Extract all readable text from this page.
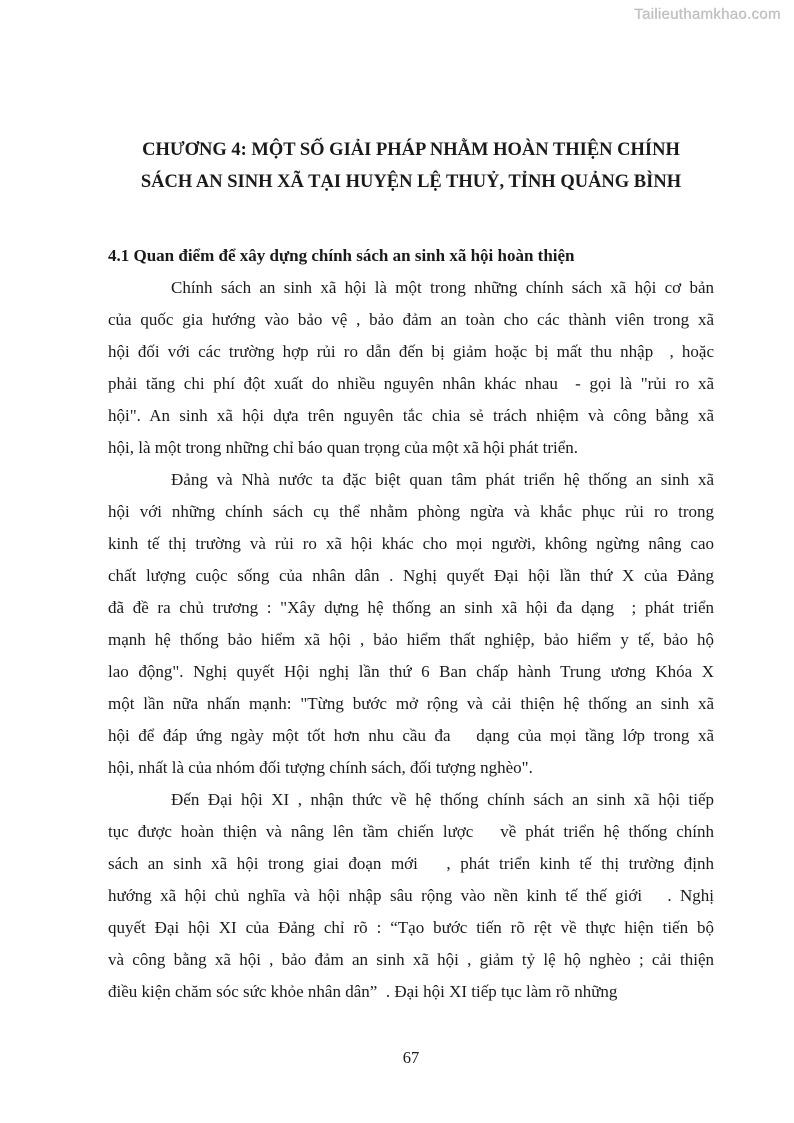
Tailieuthamkhao.com
CHƯƠNG 4: MỘT SỐ GIẢI PHÁP NHẰM HOÀN THIỆN CHÍNH
SÁCH AN SINH XÃ TẠI HUYỆN LỆ THUỶ, TỈNH QUẢNG BÌNH
4.1 Quan điểm để xây dựng chính sách an sinh xã hội hoàn thiện
Chính sách an sinh xã hội là một trong những chính sách xã hội cơ bản
của quốc gia hướng vào bảo vệ , bảo đảm an toàn cho các thành viên trong xã
hội đối với các trường hợp rủi ro dẫn đến bị giảm hoặc bị mất thu nhập  , hoặc
phải tăng chi phí đột xuất do nhiều nguyên nhân khác nhau  - gọi là "rủi ro xã
hội". An sinh xã hội dựa trên nguyên tắc chia sẻ trách nhiệm và công bằng xã
hội, là một trong những chỉ báo quan trọng của một xã hội phát triển.
Đảng và Nhà nước ta đặc biệt quan tâm phát triển hệ thống an sinh xã
hội với những chính sách cụ thể nhằm phòng ngừa và khắc phục rủi ro trong
kinh tế thị trường và rủi ro xã hội khác cho mọi người, không ngừng nâng cao
chất lượng cuộc sống của nhân dân . Nghị quyết Đại hội lần thứ X của Đảng
đã đề ra chủ trương : "Xây dựng hệ thống an sinh xã hội đa dạng  ; phát triển
mạnh hệ thống bảo hiểm xã hội , bảo hiểm thất nghiệp, bảo hiểm y tế, bảo hộ
lao động". Nghị quyết Hội nghị lần thứ 6 Ban chấp hành Trung ương Khóa X
một lần nữa nhấn mạnh: "Từng bước mở rộng và cải thiện hệ thống an sinh xã
hội để đáp ứng ngày một tốt hơn nhu cầu đa   dạng của mọi tầng lớp trong xã
hội, nhất là của nhóm đối tượng chính sách, đối tượng nghèo".
Đến Đại hội XI , nhận thức về hệ thống chính sách an sinh xã hội tiếp
tục được hoàn thiện và nâng lên tầm chiến lược   về phát triển hệ thống chính
sách an sinh xã hội trong giai đoạn mới   , phát triển kinh tế thị trường định
hướng xã hội chủ nghĩa và hội nhập sâu rộng vào nền kinh tế thế giới   . Nghị
quyết Đại hội XI của Đảng chỉ rõ : “Tạo bước tiến rõ rệt về thực hiện tiến bộ
và công bằng xã hội , bảo đảm an sinh xã hội , giảm tỷ lệ hộ nghèo ; cải thiện
điều kiện chăm sóc sức khỏe nhân dân”  . Đại hội XI tiếp tục làm rõ những
67
